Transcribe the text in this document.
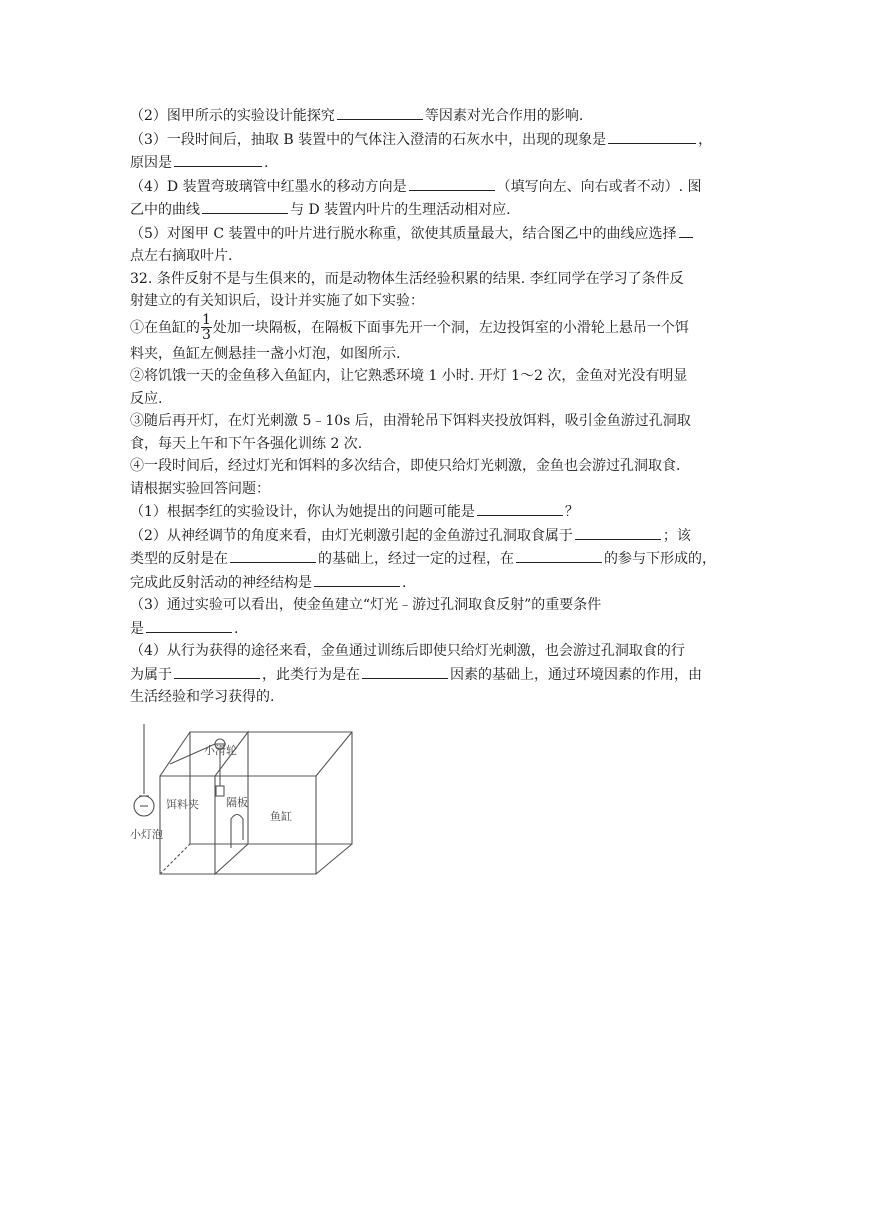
（2）图甲所示的实验设计能探究	等因素对光合作用的影响.
（3）一段时间后，抽取 B 装置中的气体注入澄清的石灰水中，出现的现象是	，
原因是	.
（4）D 装置弯玻璃管中红墨水的移动方向是	（填写向左、向右或者不动）. 图
乙中的曲线	与 D 装置内叶片的生理活动相对应.
（5）对图甲 C 装置中的叶片进行脱水称重，欲使其质量最大，结合图乙中的曲线应选择
点左右摘取叶片.
32. 条件反射不是与生俱来的，而是动物体生活经验积累的结果. 李红同学在学习了条件反
射建立的有关知识后，设计并实施了如下实验：
①在鱼缸的 $\frac{1}{3}$ 处加一块隔板，在隔板下面事先开一个洞，左边投饵室的小滑轮上悬吊一个饵
料夹，鱼缸左侧悬挂一盏小灯泡，如图所示.
②将饥饿一天的金鱼移入鱼缸内，让它熟悉环境 1 小时. 开灯 1～2 次，金鱼对光没有明显
反应.
③随后再开灯，在灯光刺激 5﹣10s 后，由滑轮吊下饵料夹投放饵料，吸引金鱼游过孔洞取
食，每天上午和下午各强化训练 2 次.
④一段时间后，经过灯光和饵料的多次结合，即使只给灯光刺激，金鱼也会游过孔洞取食.
请根据实验回答问题：
（1）根据李红的实验设计，你认为她提出的问题可能是	？
（2）从神经调节的角度来看，由灯光刺激引起的金鱼游过孔洞取食属于	；该
类型的反射是在	的基础上，经过一定的过程，在	的参与下形成的，
完成此反射活动的神经结构是	.
（3）通过实验可以看出，使金鱼建立“灯光﹣游过孔洞取食反射”的重要条件
是	.
（4）从行为获得的途径来看，金鱼通过训练后即使只给灯光刺激，也会游过孔洞取食的行
为属于	，此类行为是在	因素的基础上，通过环境因素的作用，由
生活经验和学习获得的.
小滑轮
饵料夹 隔板
鱼缸
小灯泡
